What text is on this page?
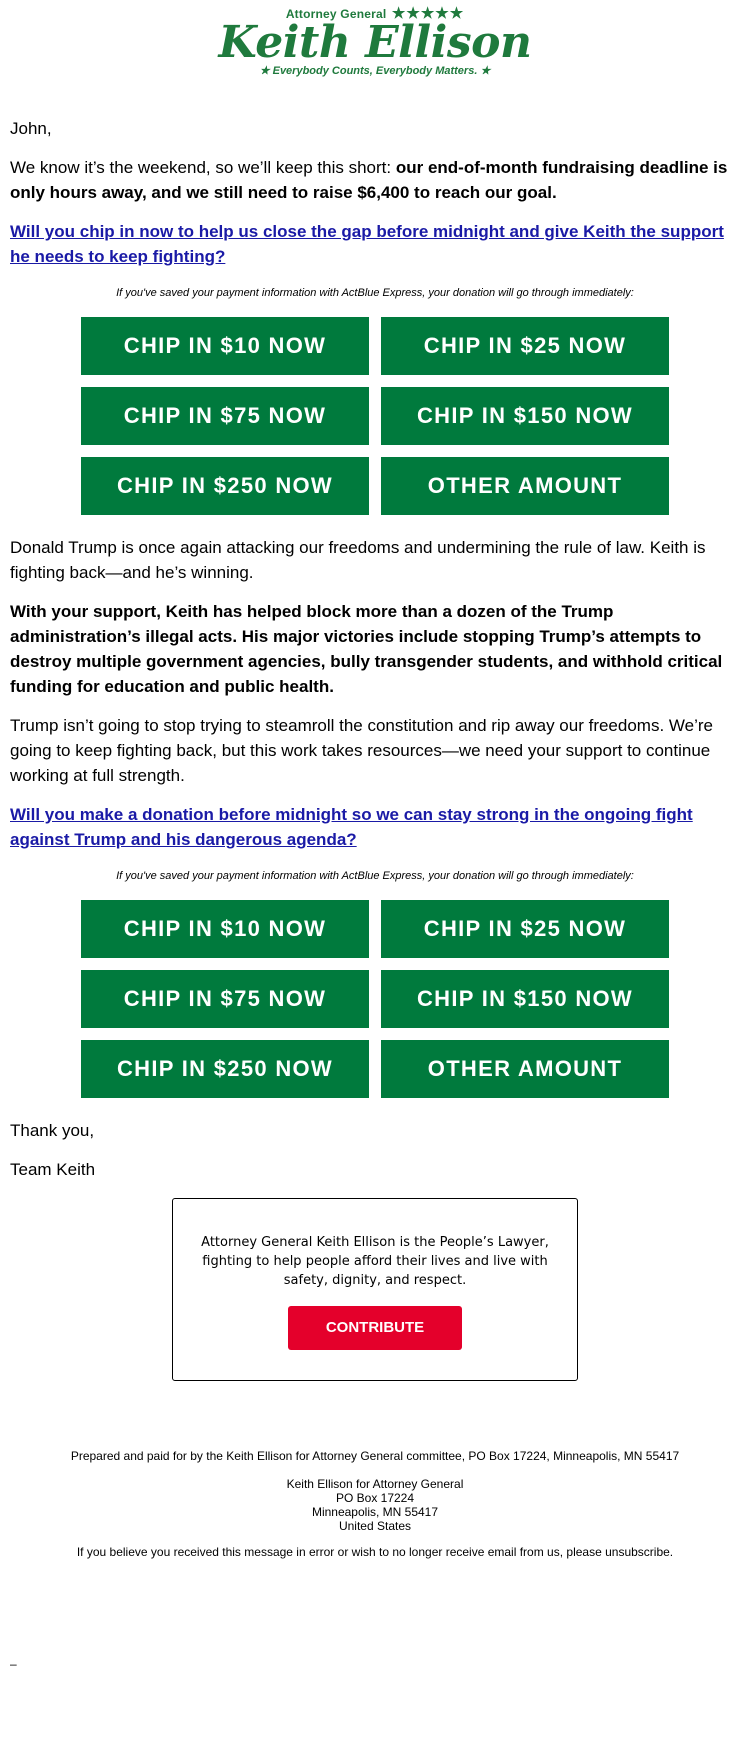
Attorney General ★★★★★
Keith Ellison
★ Everybody Counts, Everybody Matters. ★

John,

We know it’s the weekend, so we’ll keep this short: our end-of-month fundraising deadline is only hours away, and we still need to raise $6,400 to reach our goal.

Will you chip in now to help us close the gap before midnight and give Keith the support he needs to keep fighting?

If you've saved your payment information with ActBlue Express, your donation will go through immediately:
CHIP IN $10 NOW	CHIP IN $25 NOW
CHIP IN $75 NOW	CHIP IN $150 NOW
CHIP IN $250 NOW	OTHER AMOUNT

Donald Trump is once again attacking our freedoms and undermining the rule of law. Keith is fighting back—and he’s winning.

With your support, Keith has helped block more than a dozen of the Trump administration’s illegal acts. His major victories include stopping Trump’s attempts to destroy multiple government agencies, bully transgender students, and withhold critical funding for education and public health.

Trump isn’t going to stop trying to steamroll the constitution and rip away our freedoms. We’re going to keep fighting back, but this work takes resources—we need your support to continue working at full strength.

Will you make a donation before midnight so we can stay strong in the ongoing fight against Trump and his dangerous agenda?

If you've saved your payment information with ActBlue Express, your donation will go through immediately:
CHIP IN $10 NOW	CHIP IN $25 NOW
CHIP IN $75 NOW	CHIP IN $150 NOW
CHIP IN $250 NOW	OTHER AMOUNT

Thank you,

Team Keith

Attorney General Keith Ellison is the People’s Lawyer, fighting to help people afford their lives and live with safety, dignity, and respect.
CONTRIBUTE
Prepared and paid for by the Keith Ellison for Attorney General committee, PO Box 17224, Minneapolis, MN 55417
Keith Ellison for Attorney General
PO Box 17224
Minneapolis, MN 55417
United States
If you believe you received this message in error or wish to no longer receive email from us, please unsubscribe.
–
